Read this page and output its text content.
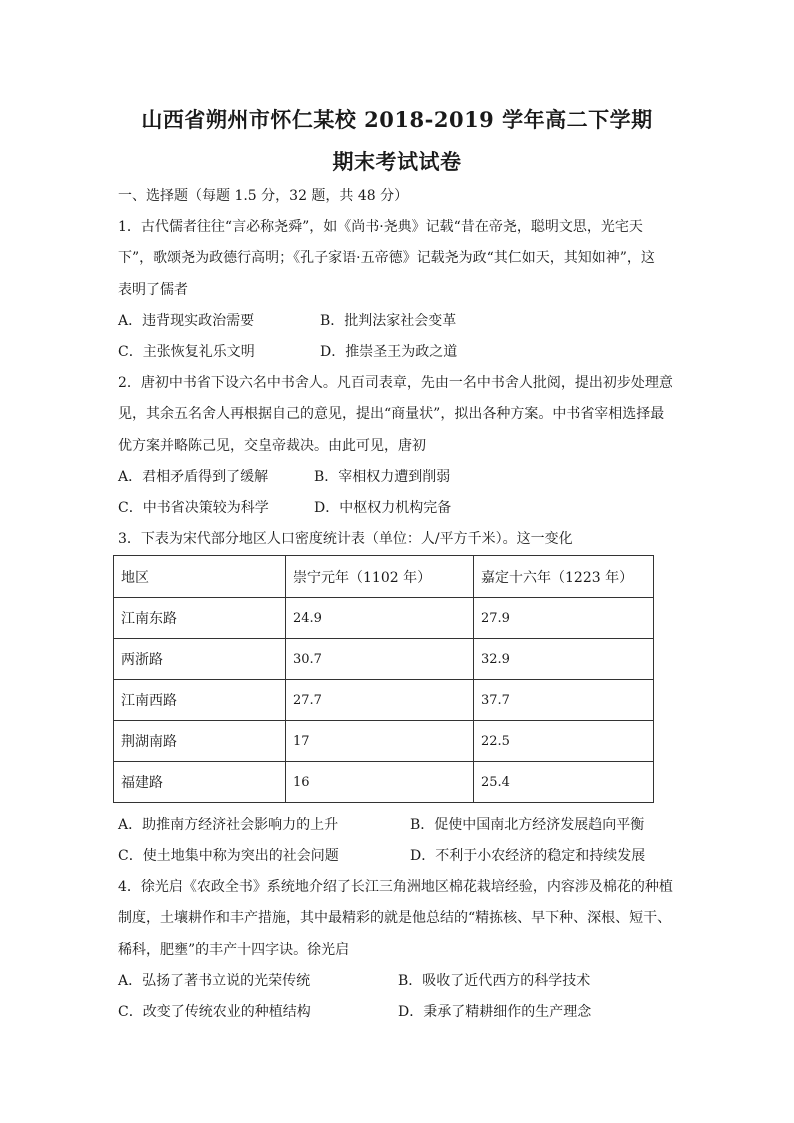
山西省朔州市怀仁某校 2018-2019 学年高二下学期
期末考试试卷
一、选择题（每题 1.5 分，32 题，共 48 分）
1．古代儒者往往“言必称尧舜”，如《尚书·尧典》记载“昔在帝尧，聪明文思，光宅天
下”，歌颂尧为政德行高明；《孔子家语·五帝德》记载尧为政“其仁如天，其知如神”，这
表明了儒者
A．违背现实政治需要	B．批判法家社会变革
C．主张恢复礼乐文明	D．推崇圣王为政之道
2．唐初中书省下设六名中书舍人。凡百司表章，先由一名中书舍人批阅，提出初步处理意
见，其余五名舍人再根据自己的意见，提出“商量状”，拟出各种方案。中书省宰相选择最
优方案并略陈己见，交皇帝裁决。由此可见，唐初
A．君相矛盾得到了缓解	B．宰相权力遭到削弱
C．中书省决策较为科学	D．中枢权力机构完备
3．下表为宋代部分地区人口密度统计表（单位：人/平方千米）。这一变化
地区	崇宁元年（1102 年）	嘉定十六年（1223 年）
江南东路	24.9	27.9
两浙路	30.7	32.9
江南西路	27.7	37.7
荆湖南路	17	22.5
福建路	16	25.4
A．助推南方经济社会影响力的上升	B．促使中国南北方经济发展趋向平衡
C．使土地集中称为突出的社会问题	D．不利于小农经济的稳定和持续发展
4．徐光启《农政全书》系统地介绍了长江三角洲地区棉花栽培经验，内容涉及棉花的种植
制度，土壤耕作和丰产措施，其中最精彩的就是他总结的“精拣核、早下种、深根、短干、
稀科，肥壅”的丰产十四字诀。徐光启
A．弘扬了著书立说的光荣传统	B．吸收了近代西方的科学技术
C．改变了传统农业的种植结构	D．秉承了精耕细作的生产理念
